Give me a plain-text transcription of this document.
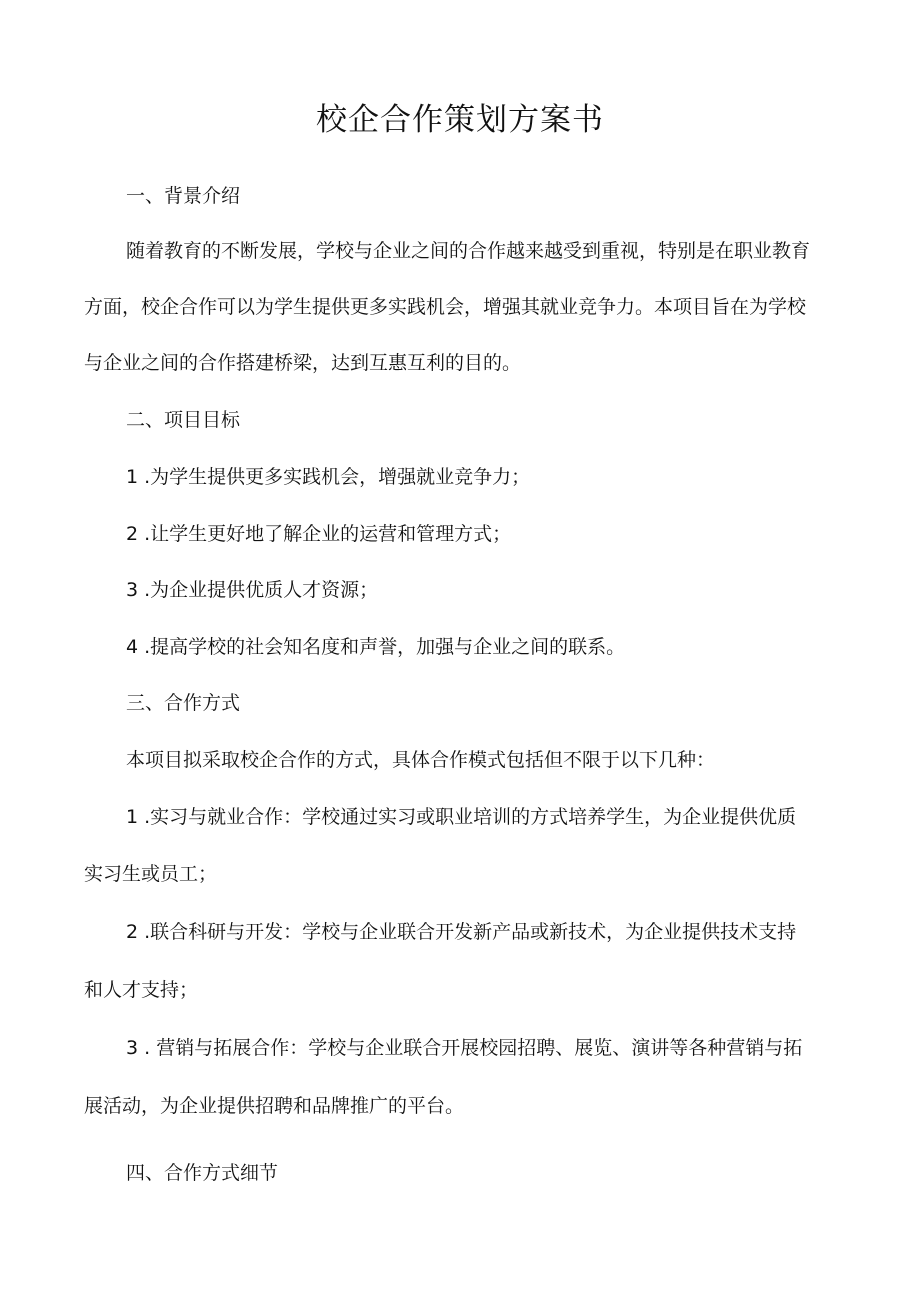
校企合作策划方案书
一、背景介绍
随着教育的不断发展，学校与企业之间的合作越来越受到重视，特别是在职业教育
方面，校企合作可以为学生提供更多实践机会，增强其就业竞争力。本项目旨在为学校
与企业之间的合作搭建桥梁，达到互惠互利的目的。
二、项目目标
1 .为学生提供更多实践机会，增强就业竞争力；
2 .让学生更好地了解企业的运营和管理方式；
3 .为企业提供优质人才资源；
4 .提高学校的社会知名度和声誉，加强与企业之间的联系。
三、合作方式
本项目拟采取校企合作的方式，具体合作模式包括但不限于以下几种：
1 .实习与就业合作：学校通过实习或职业培训的方式培养学生，为企业提供优质
实习生或员工；
2 .联合科研与开发：学校与企业联合开发新产品或新技术，为企业提供技术支持
和人才支持；
3 . 营销与拓展合作：学校与企业联合开展校园招聘、展览、演讲等各种营销与拓
展活动，为企业提供招聘和品牌推广的平台。
四、合作方式细节
